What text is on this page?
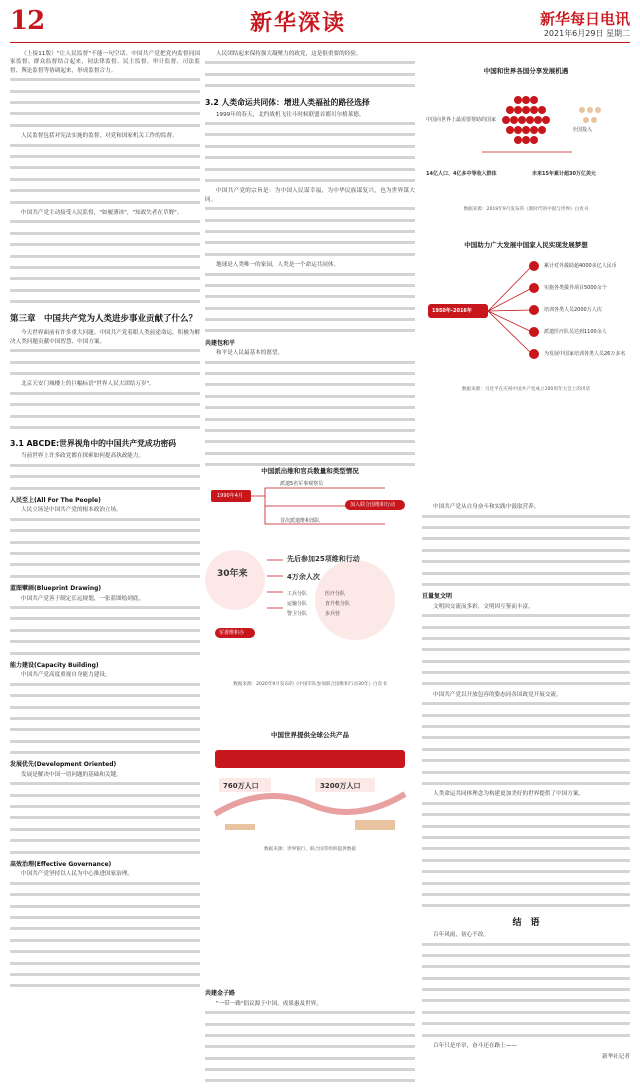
12	新华深读	新华每日电讯
2021年6月29日 星期二

（上接11版）"让人民监督"不能一句空话。中国共产党把党内监督同国家监督、群众监督结合起来，同法律监督、民主监督、审计监督、司法监督、舆论监督等协调起来，形成监督合力。

人民监督包括对宪法实施的监督，对党和国家机关工作的监督。

中国共产党主动接受人民监督，"如履薄冰"，"知政失者在草野"。

第三章　中国共产党为人类进步事业贡献了什么？

今天世界面前有许多重大问题。中国共产党着眼人类前途命运，积极为解决人类问题贡献中国智慧、中国方案。

北京天安门城楼上的巨幅标语"世界人民大团结万岁"。

3.1 ABCDE:世界视角中的中国共产党成功密码

当前世界上许多政党都在探索如何提高执政能力。

人民至上(All For The People)

人民立场是中国共产党的根本政治立场。

蓝图擘画(Blueprint Drawing)

中国共产党善于制定长远规划，一张蓝图绘到底。

能力建设(Capacity Building)

中国共产党高度重视自身能力建设。

发展优先(Development Oriented)

发展是解决中国一切问题的基础和关键。

高效治理(Effective Governance)

中国共产党坚持以人民为中心推进国家治理。

人民团结起来保持强大凝聚力的政党，这是很重要的经验。

3.2 人类命运共同体：增进人类福祉的路径选择

1999年的春天，北约战机飞往斗时候联盟首都贝尔格莱德。

中国共产党的宗旨是：为中国人民谋幸福，为中华民族谋复兴，也为世界谋大同。

地球是人类唯一的家园，人类是一个命运共同体。

共建包和平

和平是人民最基本的愿望。

共建金子路

"一带一路"倡议源于中国，成果惠及世界。

中国共产党从自身奋斗和实践中汲取营养。

亘量复文明

文明因交流而多彩，文明因互鉴而丰富。

中国共产党以开放包容的姿态同各国政党开展交流。

人类命运共同体理念为构建更加美好的世界提供了中国方案。

结　语

百年风雨，初心不改。

百年只是序章，奋斗还在路上——

新华社记者
中国和世界各国分享发展机遇
中国向世界上最需要帮助的国家
全国投入
14亿人口、4亿多中等收入群体	未来15年累计超30万亿美元
数据来源：2019年9月发布的《新时代的中国与世界》白皮书
中国助力广大发展中国家人民实现发展梦想
1950年-2016年
累计对外援助超4000多亿人民币
实施各类援外项目5000余个
培训各类人员2000万人次
派遣医疗队员达到1100余人
为发展中国家培训各类人员26万多名
数据来源：习近平在庆祝中国共产党成立100周年大会上的讲话
中国派出维和官兵数量和类型情况
1990年4月
派遣5名军事观察员
加入联合国维和行动
首次派遣维和部队
30年来
先后参加25项维和行动
4万余人次
工兵分队	医疗分队
运输分队	直升机分队
警卫分队	步兵营
军委维和办
数据来源：2020年9月发布的《中国军队参加联合国维和行动30年》白皮书
中国世界提供全球公共产品
760万人口	3200万人口
数据来源：世界银行、联合国等组织提供数据
